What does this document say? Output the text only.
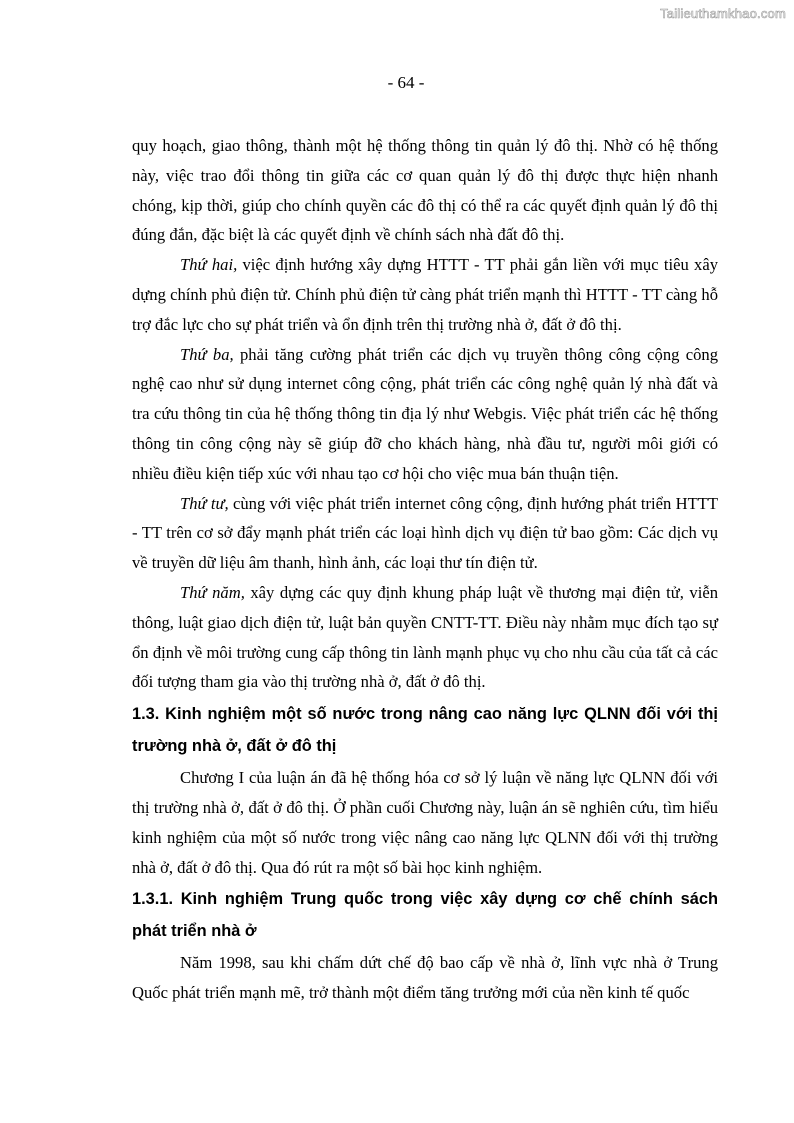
Tailieuthamkhao.com
- 64 -

quy hoạch, giao thông, thành một hệ thống thông tin quản lý đô thị. Nhờ có hệ thống này, việc trao đổi thông tin giữa các cơ quan quản lý đô thị được thực hiện nhanh chóng, kịp thời, giúp cho chính quyền các đô thị có thể ra các quyết định quản lý đô thị đúng đắn, đặc biệt là các quyết định về chính sách nhà đất đô thị.

Thứ hai, việc định hướng xây dựng HTTT - TT phải gắn liền với mục tiêu xây dựng chính phủ điện tử. Chính phủ điện tử càng phát triển mạnh thì HTTT - TT càng hỗ trợ đắc lực cho sự phát triển và ổn định trên thị trường nhà ở, đất ở đô thị.

Thứ ba, phải tăng cường phát triển các dịch vụ truyền thông công cộng công nghệ cao như sử dụng internet công cộng, phát triển các công nghệ quản lý nhà đất và tra cứu thông tin của hệ thống thông tin địa lý như Webgis. Việc phát triển các hệ thống thông tin công cộng này sẽ giúp đỡ cho khách hàng, nhà đầu tư, người môi giới có nhiều điều kiện tiếp xúc với nhau tạo cơ hội cho việc mua bán thuận tiện.

Thứ tư, cùng với việc phát triển internet công cộng, định hướng phát triển HTTT - TT trên cơ sở đẩy mạnh phát triển các loại hình dịch vụ điện tử bao gồm: Các dịch vụ về truyền dữ liệu âm thanh, hình ảnh, các loại thư tín điện tử.

Thứ năm, xây dựng các quy định khung pháp luật về thương mại điện tử, viễn thông, luật giao dịch điện tử, luật bản quyền CNTT-TT. Điều này nhằm mục đích tạo sự ổn định về môi trường cung cấp thông tin lành mạnh phục vụ cho nhu cầu của tất cả các đối tượng tham gia vào thị trường nhà ở, đất ở đô thị.

1.3. Kinh nghiệm một số nước trong nâng cao năng lực QLNN đối với thị trường nhà ở, đất ở đô thị

Chương I của luận án đã hệ thống hóa cơ sở lý luận về năng lực QLNN đối với thị trường nhà ở, đất ở đô thị. Ở phần cuối Chương này, luận án sẽ nghiên cứu, tìm hiểu kinh nghiệm của một số nước trong việc nâng cao năng lực QLNN đối với thị trường nhà ở, đất ở đô thị. Qua đó rút ra một số bài học kinh nghiệm.

1.3.1. Kinh nghiệm Trung quốc trong việc xây dựng cơ chế chính sách phát triển nhà ở

Năm 1998, sau khi chấm dứt chế độ bao cấp về nhà ở, lĩnh vực nhà ở Trung Quốc phát triển mạnh mẽ, trở thành một điểm tăng trưởng mới của nền kinh tế quốc
